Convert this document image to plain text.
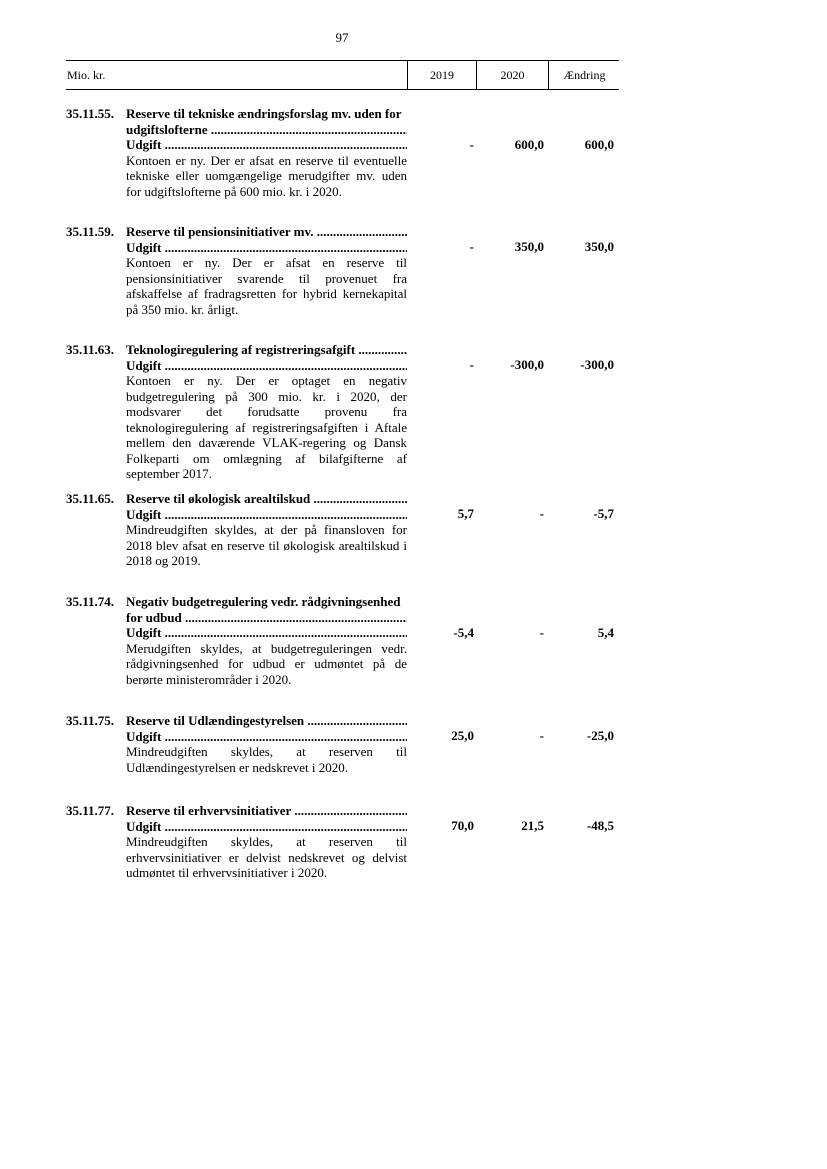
97
Mio. kr.	2019	2020	Ændring
35.11.55. Reserve til tekniske ændringsforslag mv. uden for
udgiftslofterne .....
Udgift .....
Kontoen er ny. Der er afsat en reserve til eventuelle tekniske eller uomgængelige merudgifter mv. uden for udgiftslofterne på 600 mio. kr. i 2020.
-	600,0	600,0
35.11.59. Reserve til pensionsinitiativer mv. .....
Udgift .....
Kontoen er ny. Der er afsat en reserve til pensionsinitiativer svarende til provenuet fra afskaffelse af fradragsretten for hybrid kernekapital på 350 mio. kr. årligt.
-	350,0	350,0
35.11.63. Teknologiregulering af registreringsafgift .....
Udgift .....
Kontoen er ny. Der er optaget en negativ budgetregulering på 300 mio. kr. i 2020, der modsvarer det forudsatte provenu fra teknologiregulering af registreringsafgiften i Aftale mellem den daværende VLAK-regering og Dansk Folkeparti om omlægning af bilafgifterne af september 2017.
-	-300,0	-300,0
35.11.65. Reserve til økologisk arealtilskud .....
Udgift .....
Mindreudgiften skyldes, at der på finansloven for 2018 blev afsat en reserve til økologisk arealtilskud i 2018 og 2019.
5,7	-	-5,7
35.11.74. Negativ budgetregulering vedr. rådgivningsenhed
for udbud .....
Udgift .....
Merudgiften skyldes, at budgetreguleringen vedr. rådgivningsenhed for udbud er udmøntet på de berørte ministerområder i 2020.
-5,4	-	5,4
35.11.75. Reserve til Udlændingestyrelsen .....
Udgift .....
Mindreudgiften skyldes, at reserven til Udlændingestyrelsen er nedskrevet i 2020.
25,0	-	-25,0
35.11.77. Reserve til erhvervsinitiativer .....
Udgift .....
Mindreudgiften skyldes, at reserven til erhvervsinitiativer er delvist nedskrevet og delvist udmøntet til erhvervsinitiativer i 2020.
70,0	21,5	-48,5
